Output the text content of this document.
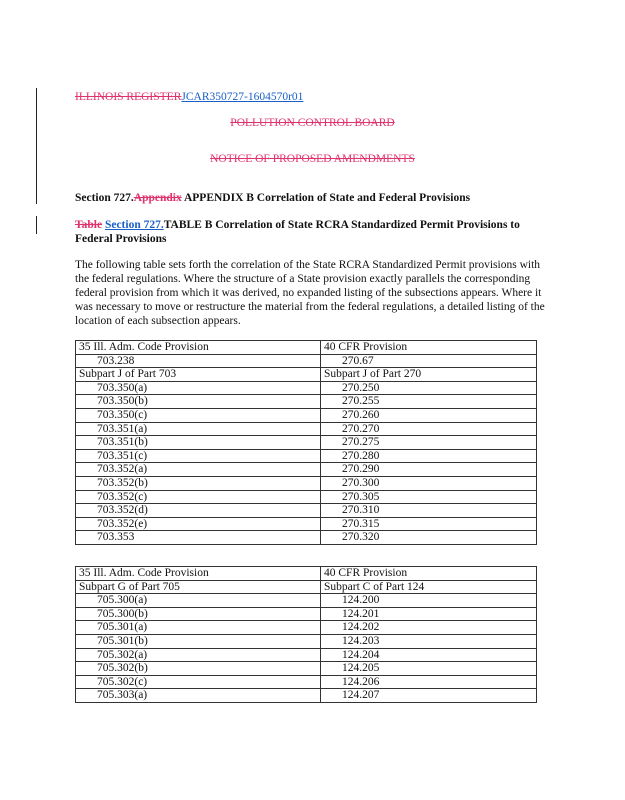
ILLINOIS REGISTERJCAR350727-1604570r01
POLLUTION CONTROL BOARD
NOTICE OF PROPOSED AMENDMENTS
Section 727.Appendix APPENDIX B Correlation of State and Federal Provisions
Table Section 727.TABLE B Correlation of State RCRA Standardized Permit Provisions to Federal Provisions
The following table sets forth the correlation of the State RCRA Standardized Permit provisions with the federal regulations. Where the structure of a State provision exactly parallels the corresponding federal provision from which it was derived, no expanded listing of the subsections appears. Where it was necessary to move or restructure the material from the federal regulations, a detailed listing of the location of each subsection appears.
35 Ill. Adm. Code Provision	40 CFR Provision
703.238	270.67
Subpart J of Part 703	Subpart J of Part 270
703.350(a)	270.250
703.350(b)	270.255
703.350(c)	270.260
703.351(a)	270.270
703.351(b)	270.275
703.351(c)	270.280
703.352(a)	270.290
703.352(b)	270.300
703.352(c)	270.305
703.352(d)	270.310
703.352(e)	270.315
703.353	270.320
35 Ill. Adm. Code Provision	40 CFR Provision
Subpart G of Part 705	Subpart C of Part 124
705.300(a)	124.200
705.300(b)	124.201
705.301(a)	124.202
705.301(b)	124.203
705.302(a)	124.204
705.302(b)	124.205
705.302(c)	124.206
705.303(a)	124.207
